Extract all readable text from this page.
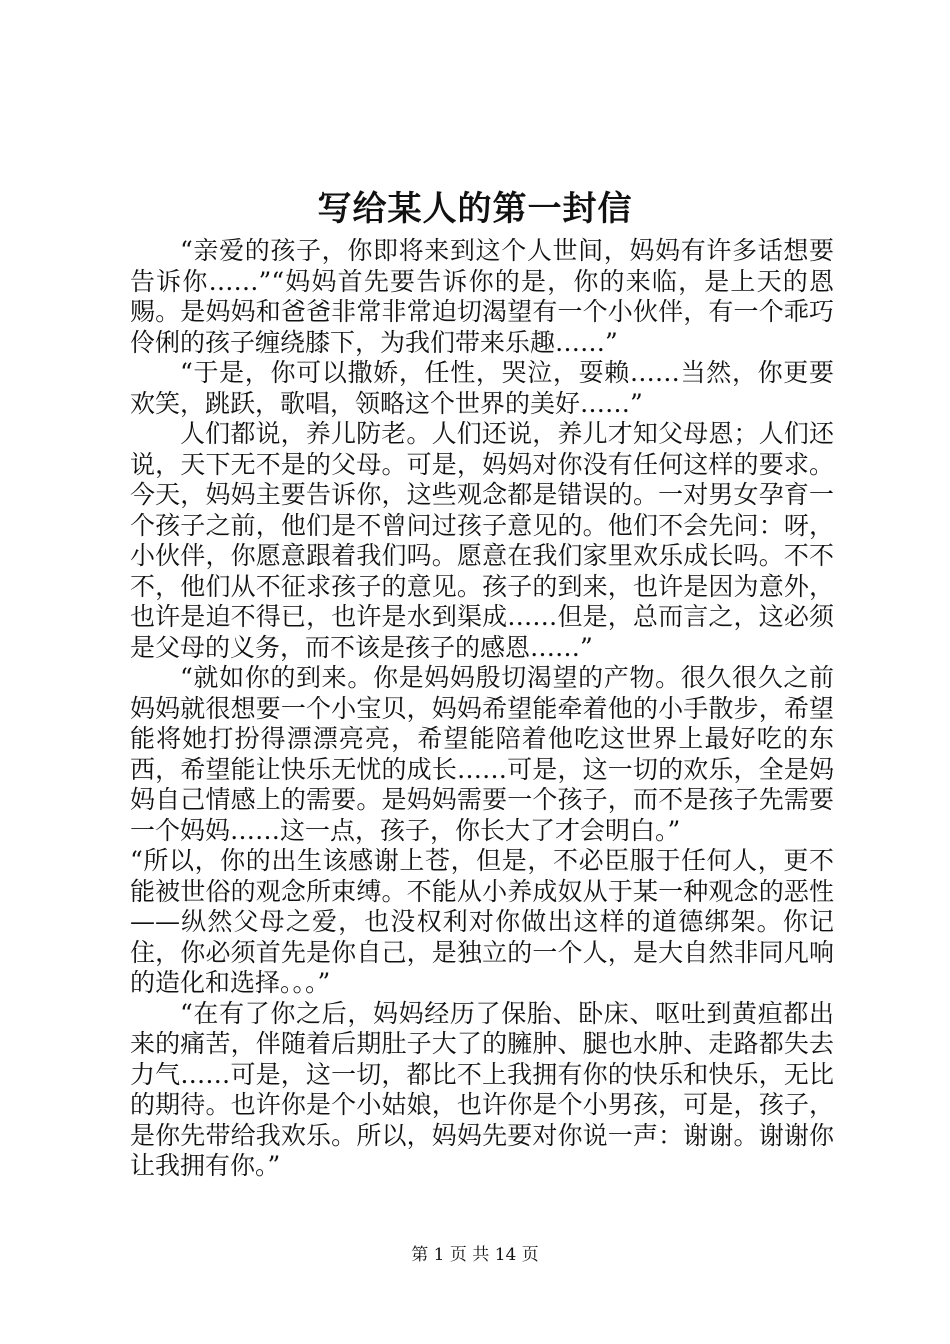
写给某人的第一封信

“亲爱的孩子，你即将来到这个人世间，妈妈有许多话想要告诉你……”“妈妈首先要告诉你的是，你的来临，是上天的恩赐。是妈妈和爸爸非常非常迫切渴望有一个小伙伴，有一个乖巧伶俐的孩子缠绕膝下，为我们带来乐趣……”

“于是，你可以撒娇，任性，哭泣，耍赖……当然，你更要欢笑，跳跃，歌唱，领略这个世界的美好……”

人们都说，养儿防老。人们还说，养儿才知父母恩；人们还说，天下无不是的父母。可是，妈妈对你没有任何这样的要求。今天，妈妈主要告诉你，这些观念都是错误的。一对男女孕育一个孩子之前，他们是不曾问过孩子意见的。他们不会先问：呀，小伙伴，你愿意跟着我们吗。愿意在我们家里欢乐成长吗。不不不，他们从不征求孩子的意见。孩子的到来，也许是因为意外，也许是迫不得已，也许是水到渠成……但是，总而言之，这必须是父母的义务，而不该是孩子的感恩……”

“就如你的到来。你是妈妈殷切渴望的产物。很久很久之前妈妈就很想要一个小宝贝，妈妈希望能牵着他的小手散步，希望能将她打扮得漂漂亮亮，希望能陪着他吃这世界上最好吃的东西，希望能让快乐无忧的成长……可是，这一切的欢乐，全是妈妈自己情感上的需要。是妈妈需要一个孩子，而不是孩子先需要一个妈妈……这一点，孩子，你长大了才会明白。”

“所以，你的出生该感谢上苍，但是，不必臣服于任何人，更不能被世俗的观念所束缚。不能从小养成奴从于某一种观念的恶性——纵然父母之爱，也没权利对你做出这样的道德绑架。你记住，你必须首先是你自己，是独立的一个人，是大自然非同凡响的造化和选择。。。”

“在有了你之后，妈妈经历了保胎、卧床、呕吐到黄疸都出来的痛苦，伴随着后期肚子大了的臃肿、腿也水肿、走路都失去力气……可是，这一切，都比不上我拥有你的快乐和快乐，无比的期待。也许你是个小姑娘，也许你是个小男孩，可是，孩子，是你先带给我欢乐。所以，妈妈先要对你说一声：谢谢。谢谢你让我拥有你。”

第 1 页 共 14 页
